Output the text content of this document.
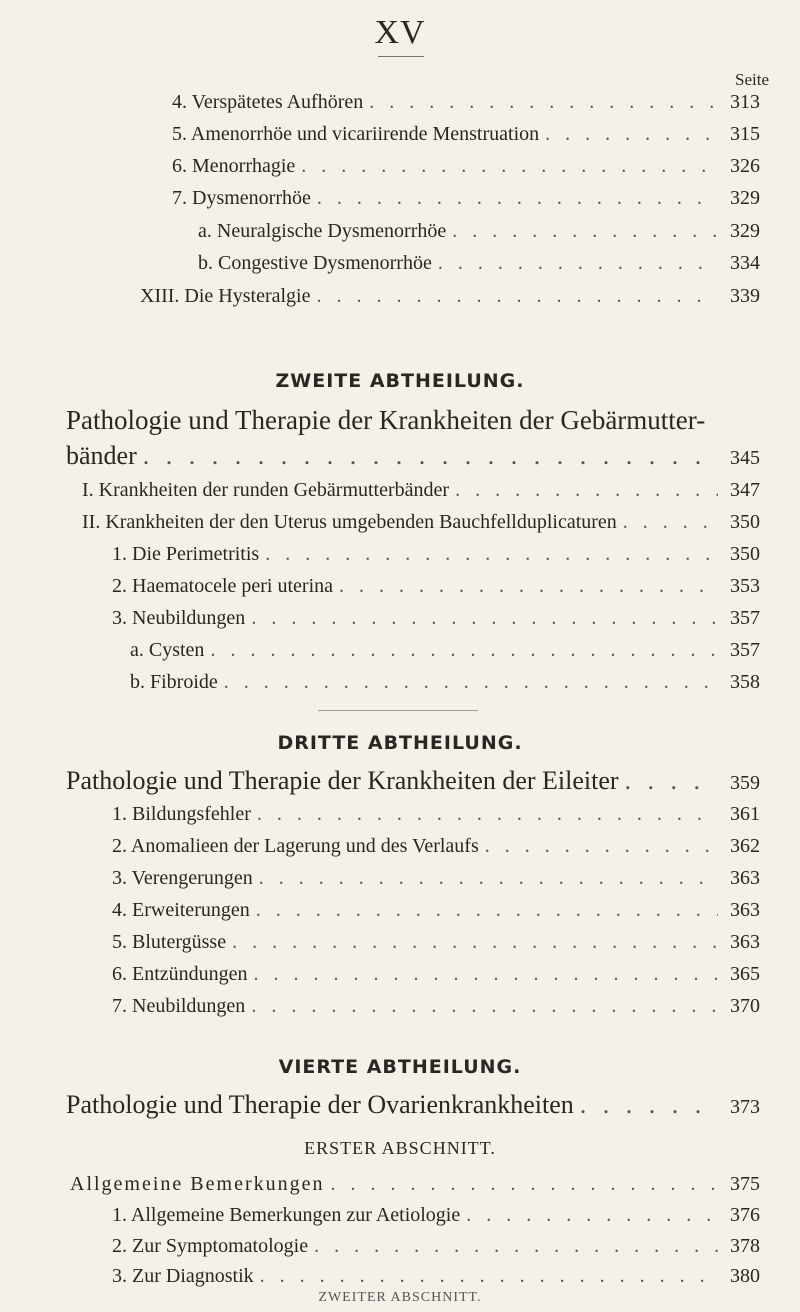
XV
Seite
4. Verspätetes Aufhören . . .	313
5. Amenorrhöe und vicariirende Menstruation . . .	315
6. Menorrhagie . . .	326
7. Dysmenorrhöe . . .	329
a. Neuralgische Dysmenorrhöe . . .	329
b. Congestive Dysmenorrhöe . . .	334
XIII. Die Hysteralgie . . .	339
ZWEITE ABTHEILUNG.
Pathologie und Therapie der Krankheiten der Gebärmutter-
bänder . . .	345
I. Krankheiten der runden Gebärmutterbänder . . .	347
II. Krankheiten der den Uterus umgebenden Bauchfellduplicaturen . . .	350
1. Die Perimetritis . . .	350
2. Haematocele peri uterina . . .	353
3. Neubildungen . . .	357
a. Cysten . . .	357
b. Fibroide . . .	358
DRITTE ABTHEILUNG.
Pathologie und Therapie der Krankheiten der Eileiter . . .	359
1. Bildungsfehler . . .	361
2. Anomalieen der Lagerung und des Verlaufs . . .	362
3. Verengerungen . . .	363
4. Erweiterungen . . .	363
5. Blutergüsse . . .	363
6. Entzündungen . . .	365
7. Neubildungen . . .	370
VIERTE ABTHEILUNG.
Pathologie und Therapie der Ovarienkrankheiten . . .	373
ERSTER ABSCHNITT.
Allgemeine Bemerkungen . . .	375
1. Allgemeine Bemerkungen zur Aetiologie . . .	376
2. Zur Symptomatologie . . .	378
3. Zur Diagnostik . . .	380
ZWEITER ABSCHNITT.
